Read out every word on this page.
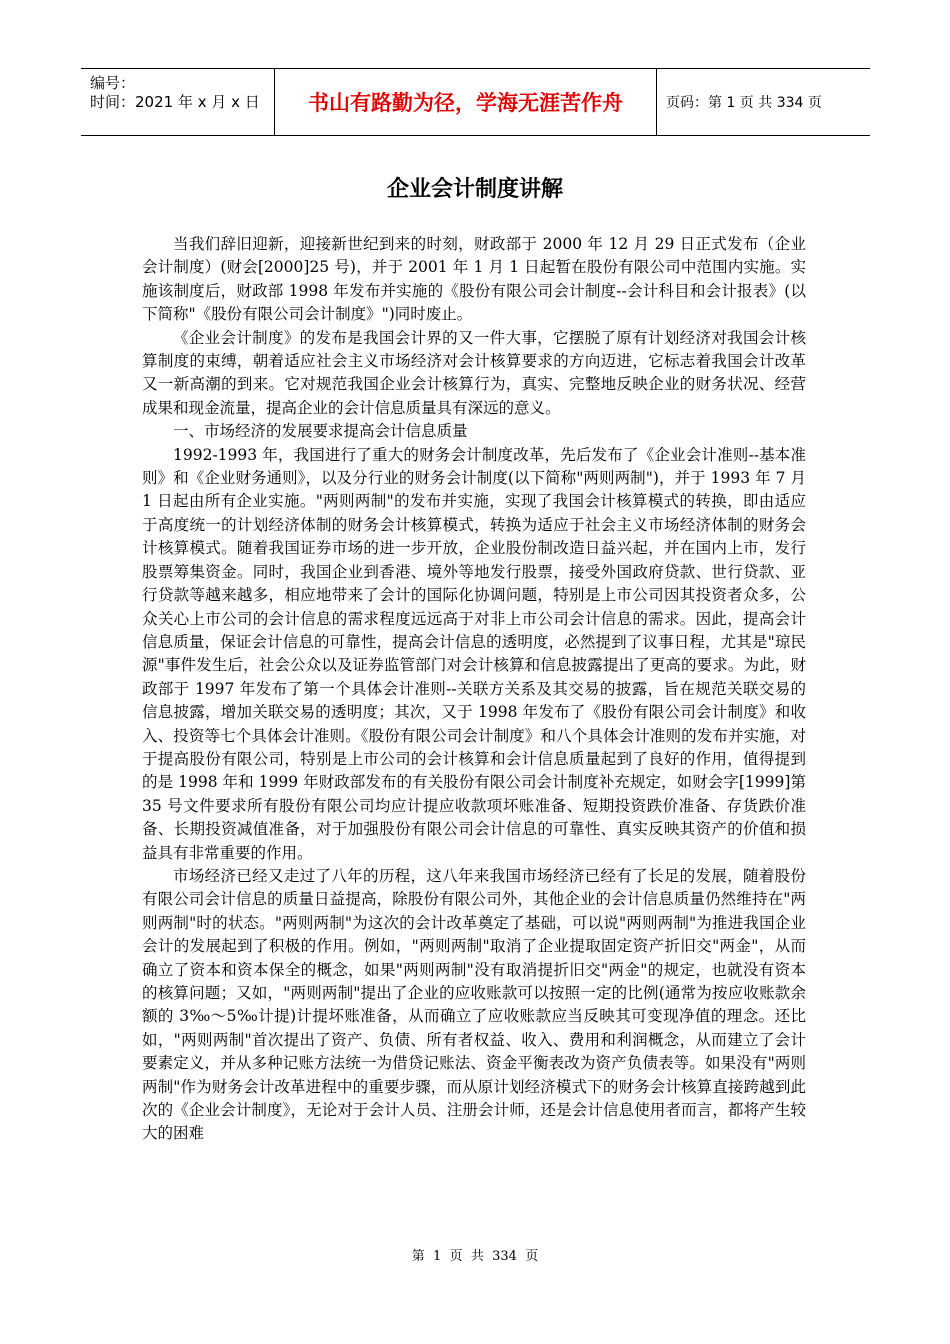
编号：
时间：2021 年 x 月 x 日	书山有路勤为径，学海无涯苦作舟	页码：第 1 页 共 334 页
企业会计制度讲解

当我们辞旧迎新，迎接新世纪到来的时刻，财政部于 2000 年 12 月 29 日正式发布（企业会计制度）(财会[2000]25 号)，并于 2001 年 1 月 1 日起暂在股份有限公司中范围内实施。实施该制度后，财政部 1998 年发布并实施的《股份有限公司会计制度--会计科目和会计报表》(以下简称"《股份有限公司会计制度》")同时废止。

《企业会计制度》的发布是我国会计界的又一件大事，它摆脱了原有计划经济对我国会计核算制度的束缚，朝着适应社会主义市场经济对会计核算要求的方向迈进，它标志着我国会计改革又一新高潮的到来。它对规范我国企业会计核算行为，真实、完整地反映企业的财务状况、经营成果和现金流量，提高企业的会计信息质量具有深远的意义。

一、市场经济的发展要求提高会计信息质量

1992-1993 年，我国进行了重大的财务会计制度改革，先后发布了《企业会计准则--基本准则》和《企业财务通则》，以及分行业的财务会计制度(以下简称"两则两制")，并于 1993 年 7 月 1 日起由所有企业实施。"两则两制"的发布并实施，实现了我国会计核算模式的转换，即由适应于高度统一的计划经济体制的财务会计核算模式，转换为适应于社会主义市场经济体制的财务会计核算模式。随着我国证券市场的进一步开放，企业股份制改造日益兴起，并在国内上市，发行股票筹集资金。同时，我国企业到香港、境外等地发行股票，接受外国政府贷款、世行贷款、亚行贷款等越来越多，相应地带来了会计的国际化协调问题，特别是上市公司因其投资者众多，公众关心上市公司的会计信息的需求程度远远高于对非上市公司会计信息的需求。因此，提高会计信息质量，保证会计信息的可靠性，提高会计信息的透明度，必然提到了议事日程，尤其是"琼民源"事件发生后，社会公众以及证券监管部门对会计核算和信息披露提出了更高的要求。为此，财政部于 1997 年发布了第一个具体会计准则--关联方关系及其交易的披露，旨在规范关联交易的信息披露，增加关联交易的透明度；其次，又于 1998 年发布了《股份有限公司会计制度》和收入、投资等七个具体会计准则。《股份有限公司会计制度》和八个具体会计准则的发布并实施，对于提高股份有限公司，特别是上市公司的会计核算和会计信息质量起到了良好的作用，值得提到的是 1998 年和 1999 年财政部发布的有关股份有限公司会计制度补充规定，如财会字[1999]第 35 号文件要求所有股份有限公司均应计提应收款项坏账准备、短期投资跌价准备、存货跌价准备、长期投资减值准备，对于加强股份有限公司会计信息的可靠性、真实反映其资产的价值和损益具有非常重要的作用。

市场经济已经又走过了八年的历程，这八年来我国市场经济已经有了长足的发展，随着股份有限公司会计信息的质量日益提高，除股份有限公司外，其他企业的会计信息质量仍然维持在"两则两制"时的状态。"两则两制"为这次的会计改革奠定了基础，可以说"两则两制"为推进我国企业会计的发展起到了积极的作用。例如，"两则两制"取消了企业提取固定资产折旧交"两金"，从而确立了资本和资本保全的概念，如果"两则两制"没有取消提折旧交"两金"的规定，也就没有资本的核算问题；又如，"两则两制"提出了企业的应收账款可以按照一定的比例(通常为按应收账款余额的 3‰～5‰计提)计提坏账准备，从而确立了应收账款应当反映其可变现净值的理念。还比如，"两则两制"首次提出了资产、负债、所有者权益、收入、费用和利润概念，从而建立了会计要素定义，并从多种记账方法统一为借贷记账法、资金平衡表改为资产负债表等。如果没有"两则两制"作为财务会计改革进程中的重要步骤，而从原计划经济模式下的财务会计核算直接跨越到此次的《企业会计制度》，无论对于会计人员、注册会计师，还是会计信息使用者而言，都将产生较大的困难

第  1  页  共  334  页
